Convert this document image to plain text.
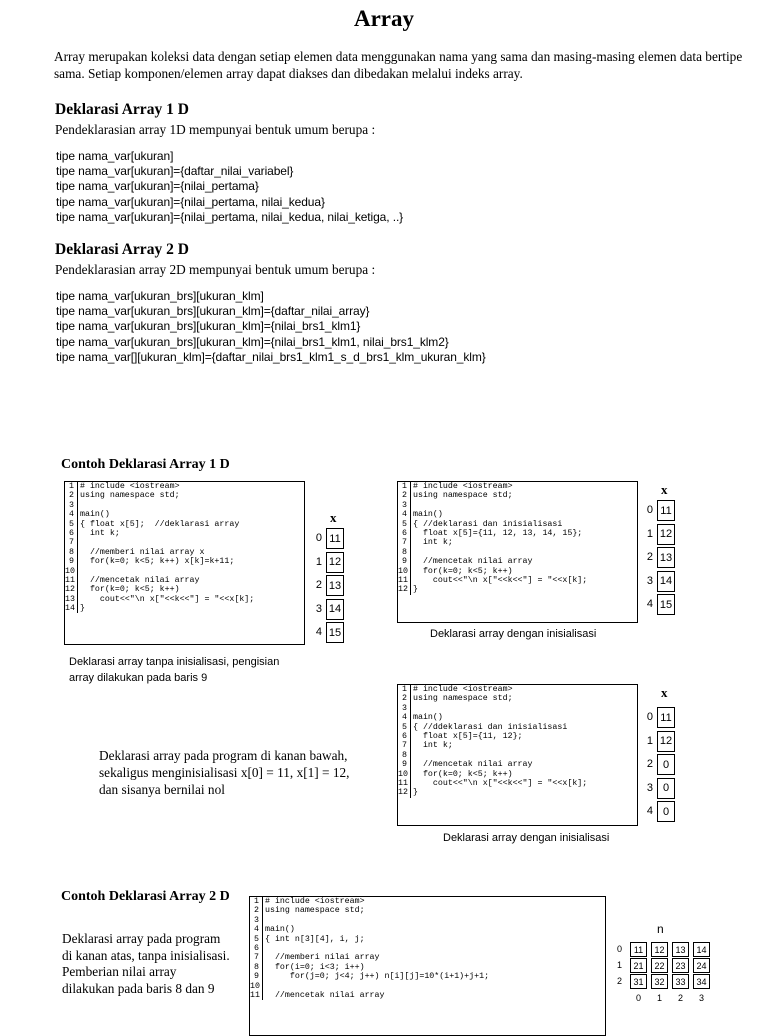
Array
Array merupakan koleksi data dengan setiap elemen data menggunakan nama yang sama dan masing-masing elemen data bertipe sama. Setiap komponen/elemen array dapat diakses dan dibedakan melalui indeks array.
Deklarasi Array 1 D
Pendeklarasian array 1D mempunyai bentuk umum berupa :
tipe nama_var[ukuran]
tipe nama_var[ukuran]={daftar_nilai_variabel}
tipe nama_var[ukuran]={nilai_pertama}
tipe nama_var[ukuran]={nilai_pertama, nilai_kedua}
tipe nama_var[ukuran]={nilai_pertama, nilai_kedua, nilai_ketiga, ..}
Deklarasi Array 2 D
Pendeklarasian array 2D mempunyai bentuk umum berupa :
tipe nama_var[ukuran_brs][ukuran_klm]
tipe nama_var[ukuran_brs][ukuran_klm]={daftar_nilai_array}
tipe nama_var[ukuran_brs][ukuran_klm]={nilai_brs1_klm1}
tipe nama_var[ukuran_brs][ukuran_klm]={nilai_brs1_klm1, nilai_brs1_klm2}
tipe nama_var[][ukuran_klm]={daftar_nilai_brs1_klm1_s_d_brs1_klm_ukuran_klm}
Contoh Deklarasi Array 1 D
1 # include <iostream>
2 using namespace std;
3
4 main()
5 { float x[5];  //deklarasi array
6 int k;
7
8 //memberi nilai array x
9 for(k=0; k<5; k++) x[k]=k+11;
10
11 //mencetak nilai array
12 for(k=0; k<5; k++)
13 cout<<"\n x["<<k<<"] = "<<x[k];
14 }
x
0 11
1 12
2 13
3 14
4 15
Deklarasi array tanpa inisialisasi, pengisian
array dilakukan pada baris 9
1 # include <iostream>
2 using namespace std;
3
4 main()
5 { //deklarasi dan inisialisasi
6 float x[5]={11, 12, 13, 14, 15};
7 int k;
8
9 //mencetak nilai array
10 for(k=0; k<5; k++)
11 cout<<"\n x["<<k<<"] = "<<x[k];
12 }
x
0 11
1 12
2 13
3 14
4 15
Deklarasi array dengan inisialisasi
Deklarasi array pada program di kanan bawah,
sekaligus menginisialisasi x[0] = 11, x[1] = 12,
dan sisanya bernilai nol
1 # include <iostream>
2 using namespace std;
3
4 main()
5 { //ddeklarasi dan inisialisasi
6 float x[5]={11, 12};
7 int k;
8
9 //mencetak nilai array
10 for(k=0; k<5; k++)
11 cout<<"\n x["<<k<<"] = "<<x[k];
12 }
x
0 11
1 12
2 0
3 0
4 0
Deklarasi array dengan inisialisasi
Contoh Deklarasi Array 2 D
Deklarasi array pada program
di kanan atas, tanpa inisialisasi.
Pemberian nilai array
dilakukan pada baris 8 dan 9
1 # include <iostream>
2 using namespace std;
3
4 main()
5 { int n[3][4], i, j;
6
7 //memberi nilai array
8 for(i=0; i<3; i++)
9 for(j=0; j<4; j++) n[i][j]=10*(i+1)+j+1;
10
11 //mencetak nilai array
n
0	11	12	13	14
1	21	22	23	24
2	31	32	33	34
0	1	2	3
